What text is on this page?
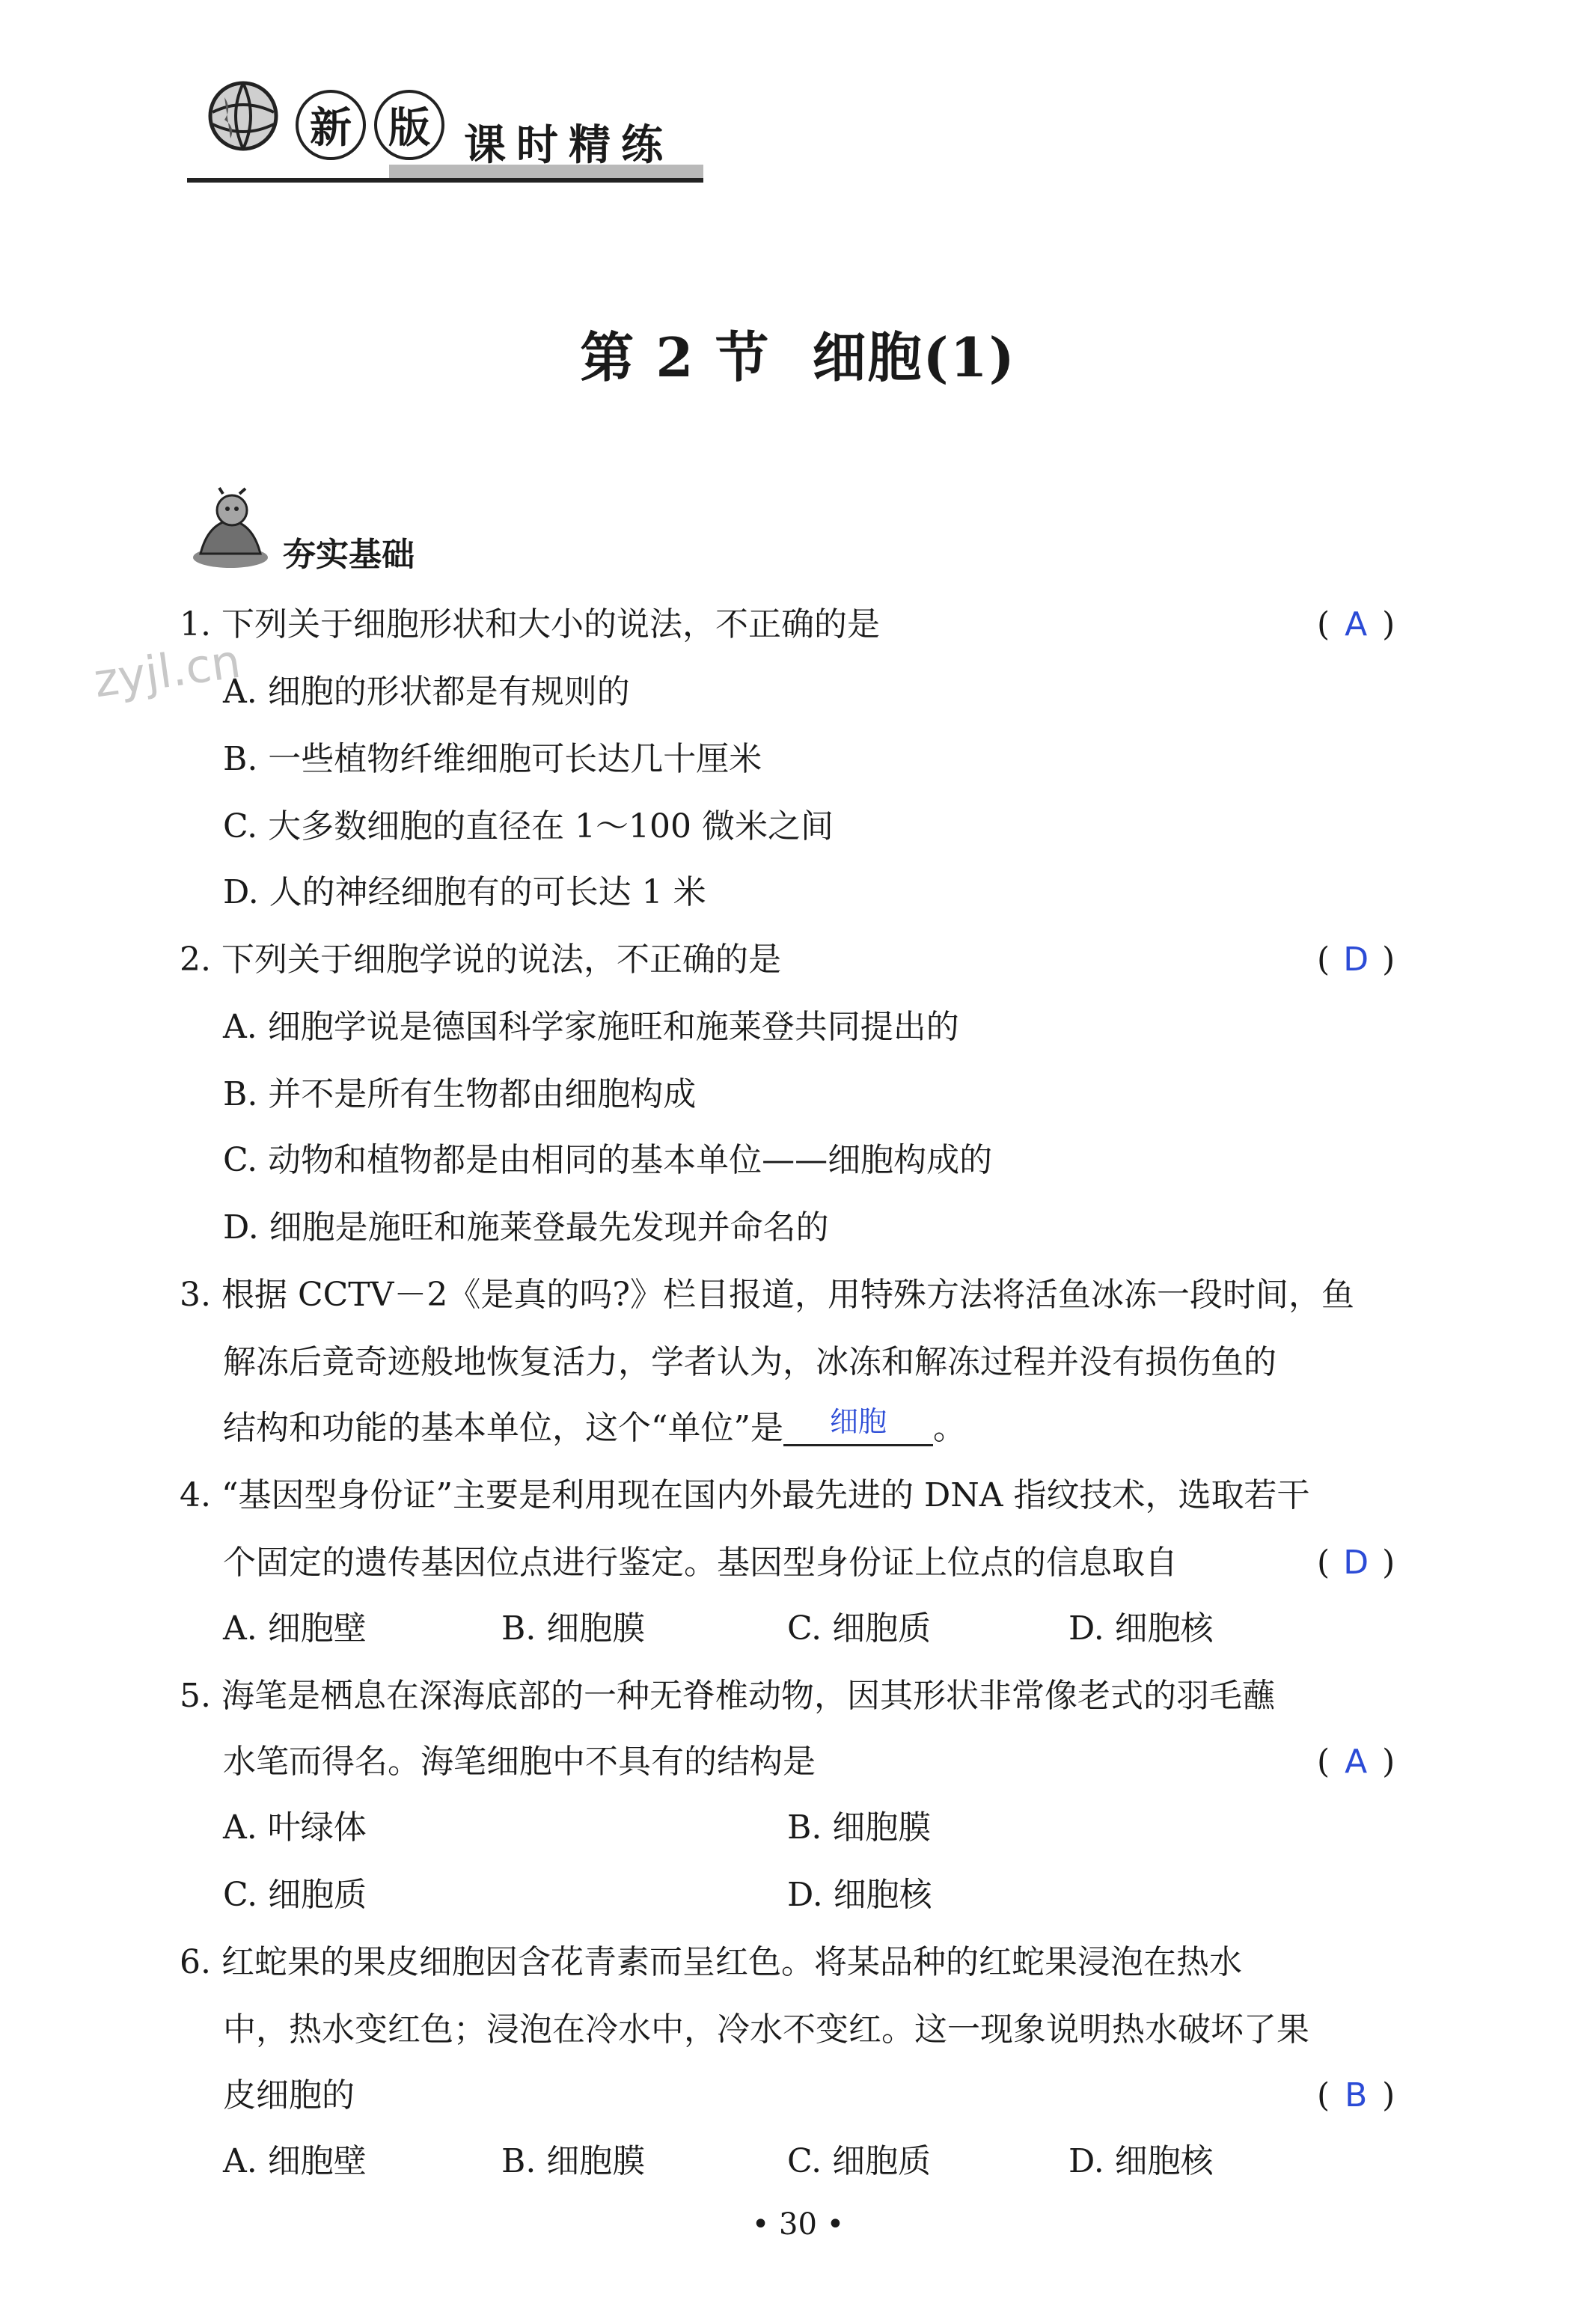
新 版 课时精练
第 2 节 细胞(1)
夯实基础
zyjl.cn
1. 下列关于细胞形状和大小的说法，不正确的是	( A )
A. 细胞的形状都是有规则的
B. 一些植物纤维细胞可长达几十厘米
C. 大多数细胞的直径在 1～100 微米之间
D. 人的神经细胞有的可长达 1 米
2. 下列关于细胞学说的说法，不正确的是	( D )
A. 细胞学说是德国科学家施旺和施莱登共同提出的
B. 并不是所有生物都由细胞构成
C. 动物和植物都是由相同的基本单位——细胞构成的
D. 细胞是施旺和施莱登最先发现并命名的
3. 根据 CCTV－2《是真的吗?》栏目报道，用特殊方法将活鱼冰冻一段时间，鱼
解冻后竟奇迹般地恢复活力，学者认为，冰冻和解冻过程并没有损伤鱼的
结构和功能的基本单位，这个“单位”是 细胞 。
4. “基因型身份证”主要是利用现在国内外最先进的 DNA 指纹技术，选取若干
个固定的遗传基因位点进行鉴定。基因型身份证上位点的信息取自	( D )
A. 细胞壁	B. 细胞膜	C. 细胞质	D. 细胞核
5. 海笔是栖息在深海底部的一种无脊椎动物，因其形状非常像老式的羽毛蘸
水笔而得名。海笔细胞中不具有的结构是	( A )
A. 叶绿体	B. 细胞膜
C. 细胞质	D. 细胞核
6. 红蛇果的果皮细胞因含花青素而呈红色。将某品种的红蛇果浸泡在热水
中，热水变红色；浸泡在冷水中，冷水不变红。这一现象说明热水破坏了果
皮细胞的	( B )
A. 细胞壁	B. 细胞膜	C. 细胞质	D. 细胞核
• 30 •
